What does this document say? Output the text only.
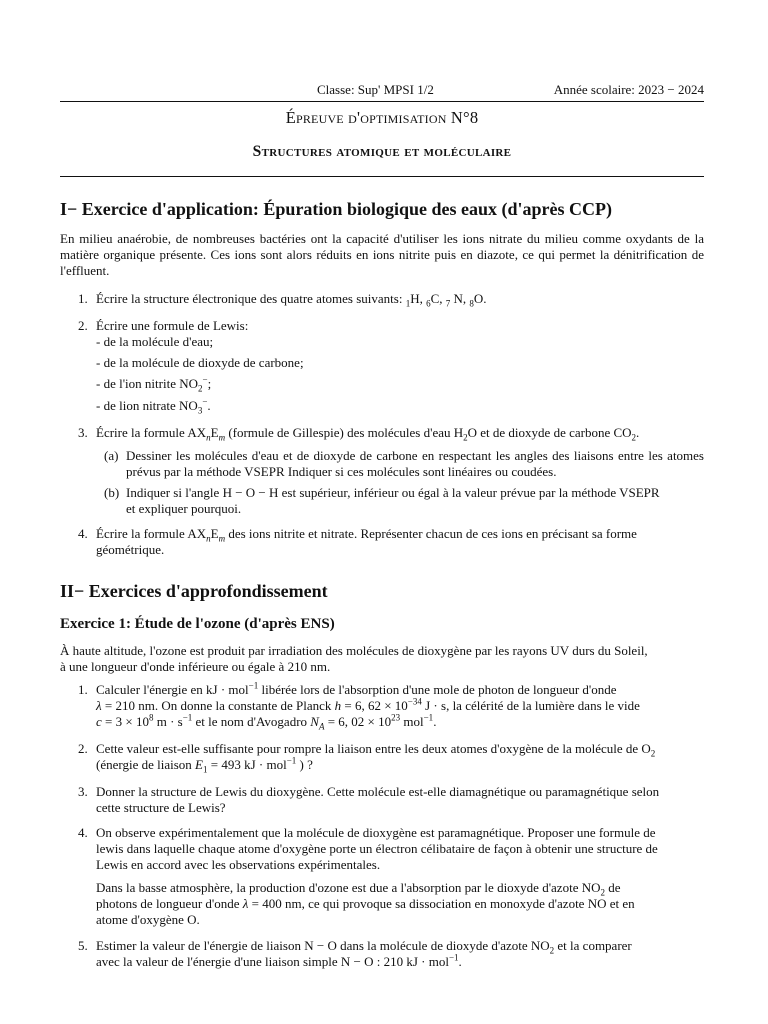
Classe: Sup' MPSI 1/2	Année scolaire: 2023 − 2024
Épreuve d'optimisation N°8
Structures atomique et moléculaire
I− Exercice d'application: Épuration biologique des eaux (d'après CCP)
En milieu anaérobie, de nombreuses bactéries ont la capacité d'utiliser les ions nitrate du milieu comme oxydants de la matière organique présente. Ces ions sont alors réduits en ions nitrite puis en diazote, ce qui permet la dénitrification de l'effluent.
1. Écrire la structure électronique des quatre atomes suivants: $_1$H, $_6$C, $_7$ N, $_8$O.
2. Écrire une formule de Lewis:
- de la molécule d'eau;
- de la molécule de dioxyde de carbone;
- de l'ion nitrite $NO_2^-$;
- de lion nitrate $NO_3^-$.
3. Écrire la formule $AX_nE_m$ (formule de Gillespie) des molécules d'eau $H_2O$ et de dioxyde de carbone $CO_2$.
(a) Dessiner les molécules d'eau et de dioxyde de carbone en respectant les angles des liaisons entre les atomes prévus par la méthode VSEPR Indiquer si ces molécules sont linéaires ou coudées.
(b) Indiquer si l'angle H − O − H est supérieur, inférieur ou égal à la valeur prévue par la méthode VSEPR
et expliquer pourquoi.
4. Écrire la formule $AX_nE_m$ des ions nitrite et nitrate. Représenter chacun de ces ions en précisant sa forme
géométrique.
II− Exercices d'approfondissement
Exercice 1: Étude de l'ozone (d'après ENS)
À haute altitude, l'ozone est produit par irradiation des molécules de dioxygène par les rayons UV durs du Soleil,
à une longueur d'onde inférieure ou égale à 210 nm.
1. Calculer l'énergie en kJ · mol$^{-1}$ libérée lors de l'absorption d'une mole de photon de longueur d'onde
λ = 210 nm. On donne la constante de Planck h = 6, $62 \times 10^{-34}$ J · s, la célérité de la lumière dans le vide
$c = 3 \times 10^8$ $m \cdot s^{-1}$ et le nom d'Avogadro $N_A = 6$, $02 \times 10^{23}$ mol$^{-1}$.
2. Cette valeur est-elle suffisante pour rompre la liaison entre les deux atomes d'oxygène de la molécule de $O_2$
(énergie de liaison $E_1 = 493$ kJ · mol$^{-1}$ ) ?
3. Donner la structure de Lewis du dioxygène. Cette molécule est-elle diamagnétique ou paramagnétique selon
cette structure de Lewis?
4. On observe expérimentalement que la molécule de dioxygène est paramagnétique. Proposer une formule de
lewis dans laquelle chaque atome d'oxygène porte un électron célibataire de façon à obtenir une structure de
Lewis en accord avec les observations expérimentales.
Dans la basse atmosphère, la production d'ozone est due a l'absorption par le dioxyde d'azote $NO_2$ de
photons de longueur d'onde λ = 400 nm, ce qui provoque sa dissociation en monoxyde d'azote NO et en
atome d'oxygène O.
5. Estimer la valeur de l'énergie de liaison N − O dans la molécule de dioxyde d'azote $NO_2$ et la comparer
avec la valeur de l'énergie d'une liaison simple N − O : 210 kJ · mol$^{-1}$.
